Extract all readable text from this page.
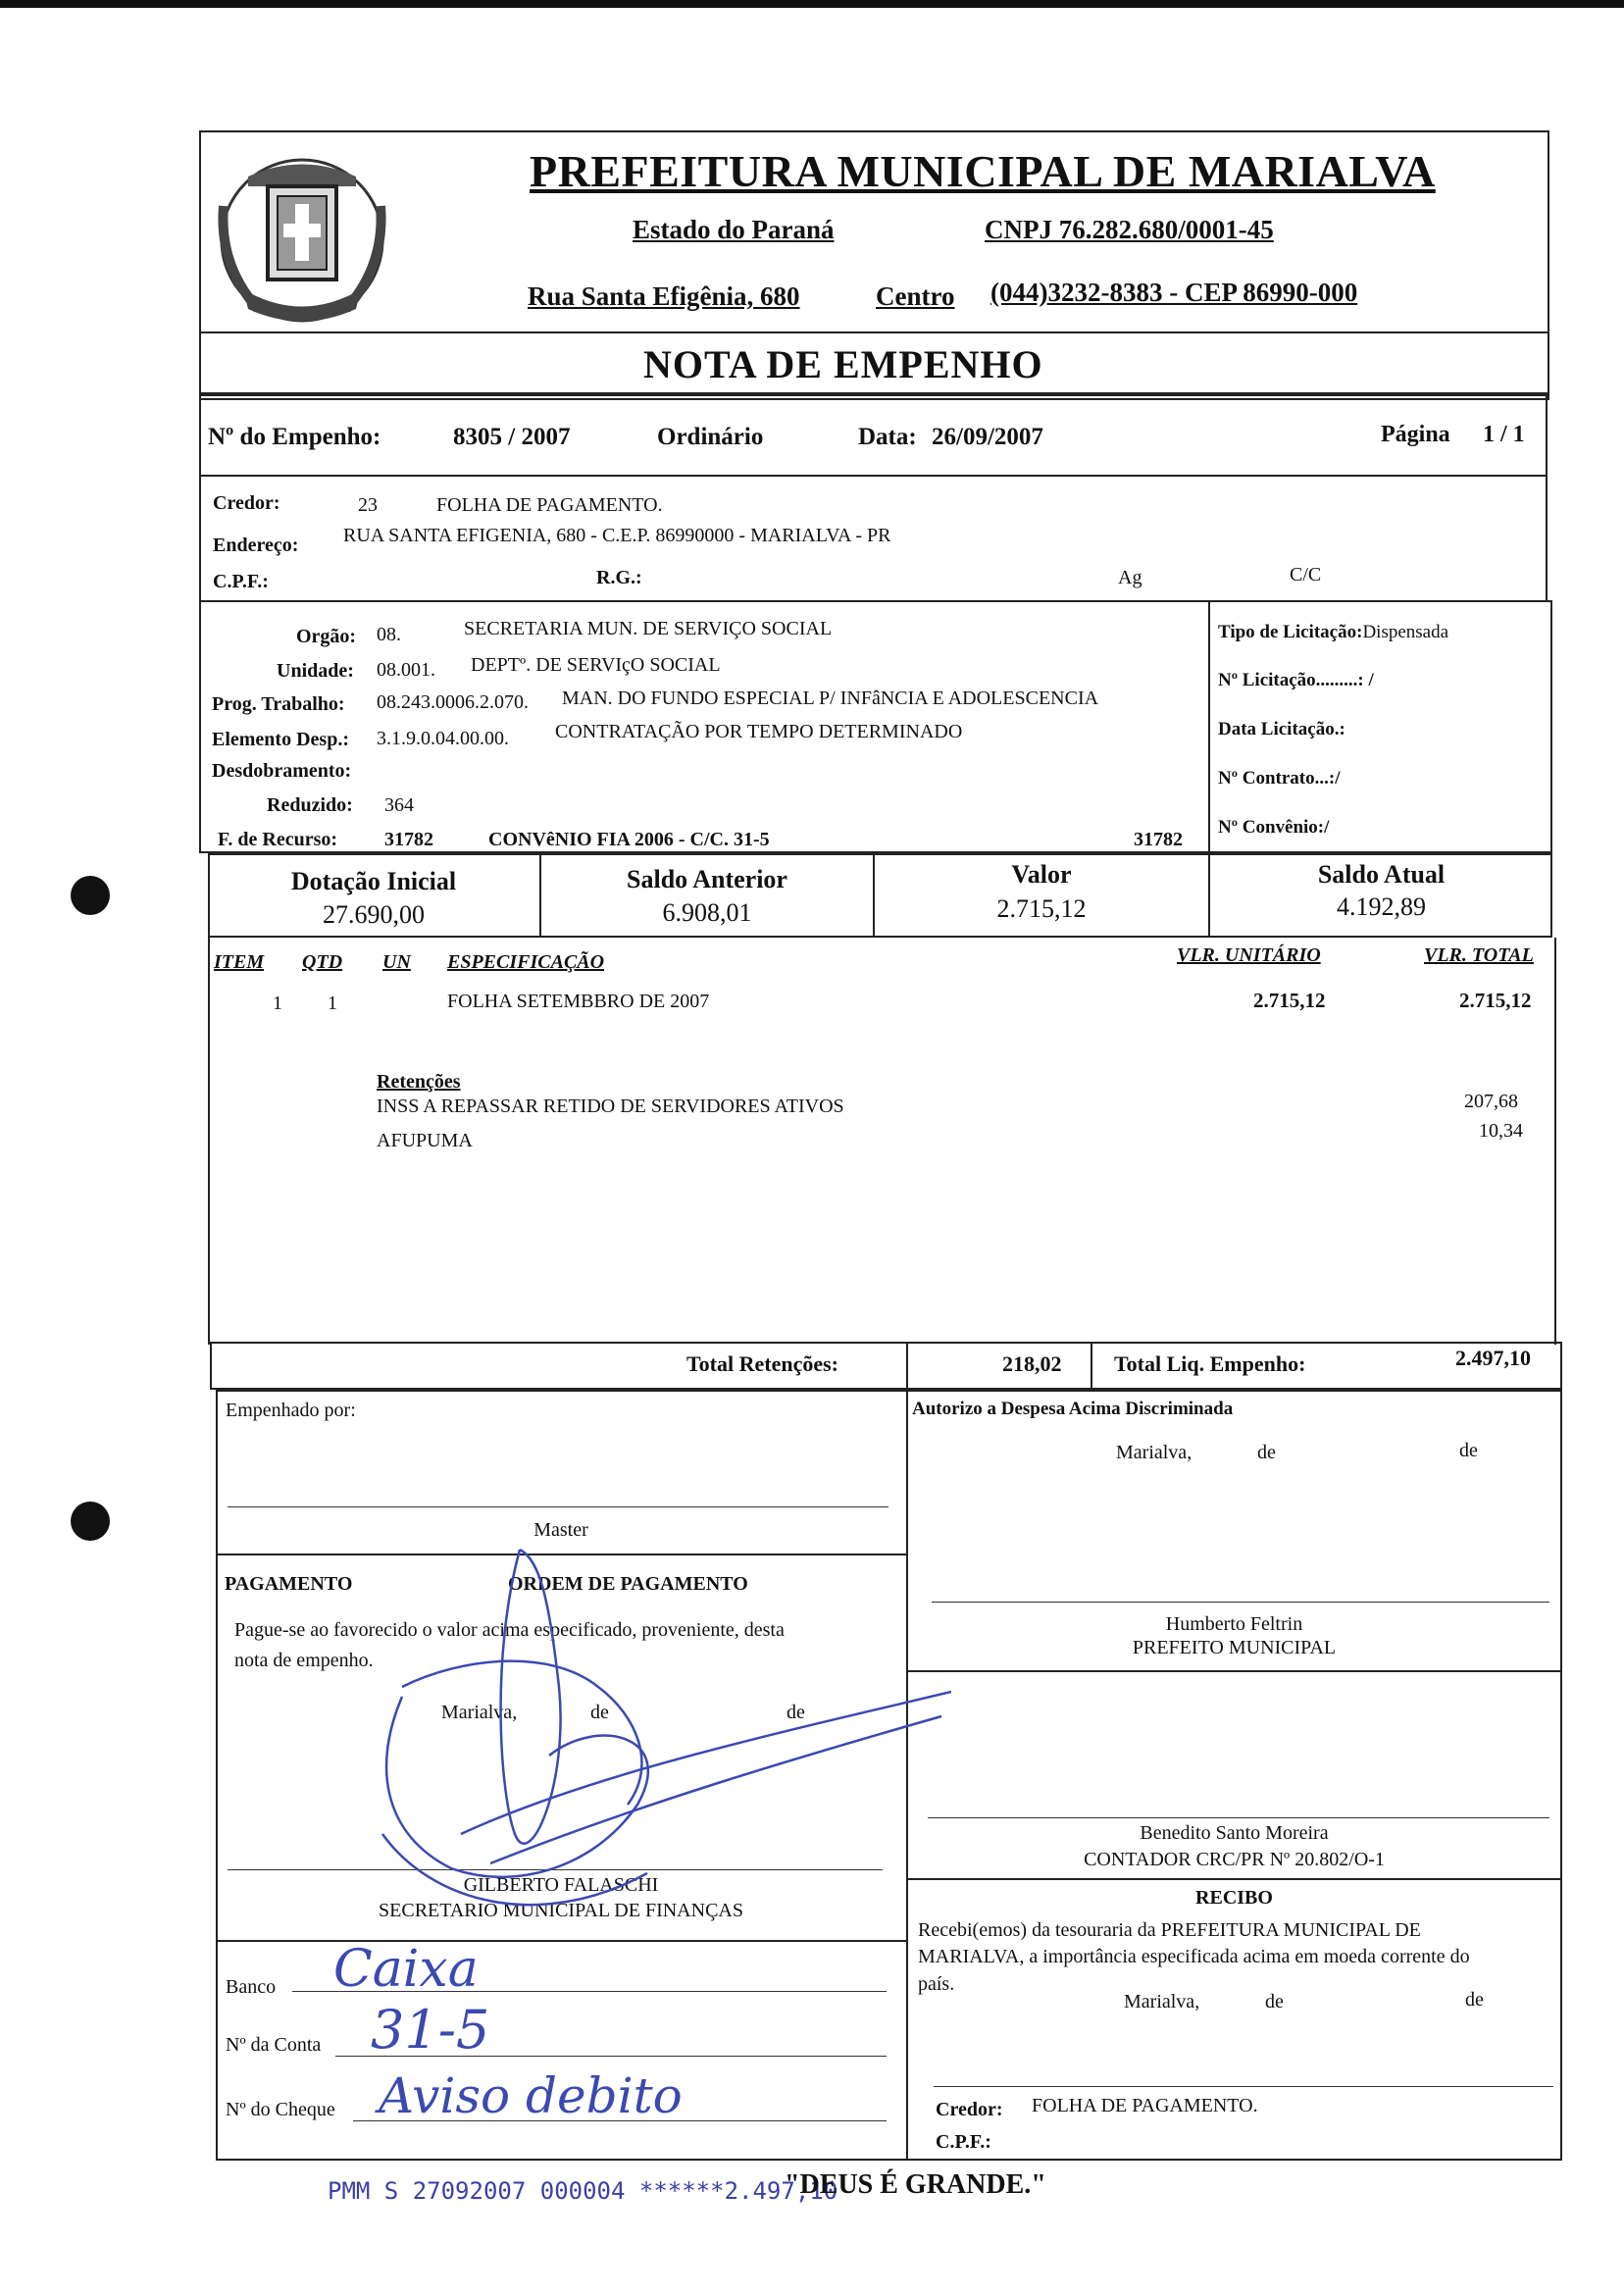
PREFEITURA MUNICIPAL DE MARIALVA
Estado do Paraná	CNPJ 76.282.680/0001-45
Rua Santa Efigênia, 680	Centro (044)3232-8383 - CEP 86990-000
NOTA DE EMPENHO
Nº do Empenho:	8305 / 2007	Ordinário	Data: 26/09/2007	Página 1 / 1
Credor:	23	FOLHA DE PAGAMENTO.
Endereço: RUA SANTA EFIGENIA, 680 - C.E.P. 86990000 - MARIALVA - PR
C.P.F.:	R.G.:	Ag	C/C
Orgão: 08.	SECRETARIA MUN. DE SERVIÇO SOCIAL
Unidade: 08.001. DEPTº. DE SERVIçO SOCIAL
Prog. Trabalho: 08.243.0006.2.070. MAN. DO FUNDO ESPECIAL P/ INFâNCIA E ADOLESCENCIA
Elemento Desp.: 3.1.9.0.04.00.00. CONTRATAÇÃO POR TEMPO DETERMINADO
Desdobramento:
Reduzido: 364
F. de Recurso: 31782	CONVêNIO FIA 2006 - C/C. 31-5	31782
Tipo de Licitação:Dispensada
Nº Licitação.........: /
Data Licitação.:
Nº Contrato...:/
Nº Convênio:/
Dotação Inicial
27.690,00
Saldo Anterior
6.908,01
Valor
2.715,12
Saldo Atual
4.192,89
ITEM QTD UN ESPECIFICAÇÃO	VLR. UNITÁRIO	VLR. TOTAL
1 1	FOLHA SETEMBBRO DE 2007	2.715,12	2.715,12
Retenções
INSS A REPASSAR RETIDO DE SERVIDORES ATIVOS	207,68
AFUPUMA	10,34
Total Retenções:	218,02 Total Liq. Empenho:	2.497,10
Empenhado por:
Master
PAGAMENTO	ORDEM DE PAGAMENTO
Pague-se ao favorecido o valor acima especificado, proveniente, desta
nota de empenho.
Marialva,	de	de
GILBERTO FALASCHI
SECRETARIO MUNICIPAL DE FINANÇAS
Banco Caixa
Nº da Conta 31-5
Nº do Cheque Aviso debito
Autorizo a Despesa Acima Discriminada
Marialva,	de	de
Humberto Feltrin
PREFEITO MUNICIPAL
Benedito Santo Moreira
CONTADOR CRC/PR Nº 20.802/O-1
RECIBO
Recebi(emos) da tesouraria da PREFEITURA MUNICIPAL DE
MARIALVA, a importância especificada acima em moeda corrente do
país.
Marialva,	de	de
Credor: FOLHA DE PAGAMENTO.
C.P.F.:
PMM S 27092007 000004 ******2.497,10
"DEUS É GRANDE."
